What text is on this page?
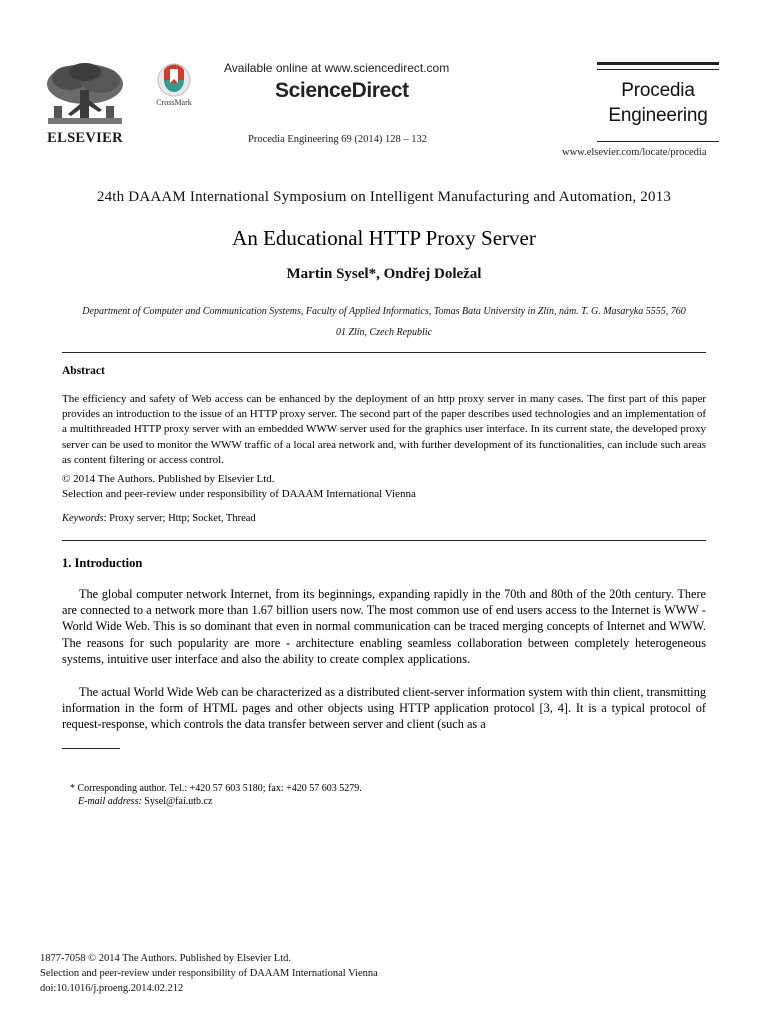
ELSEVIER
CrossMark
Available online at www.sciencedirect.com
ScienceDirect
Procedia Engineering 69 (2014) 128 – 132
Procedia
Engineering
www.elsevier.com/locate/procedia
24th DAAAM International Symposium on Intelligent Manufacturing and Automation, 2013
An Educational HTTP Proxy Server
Martin Sysel*, Ondřej Doležal
Department of Computer and Communication Systems, Faculty of Applied Informatics, Tomas Bata University in Zlín, nám. T. G. Masaryka 5555, 760 01 Zlín, Czech Republic
Abstract
The efficiency and safety of Web access can be enhanced by the deployment of an http proxy server in many cases. The first part of this paper provides an introduction to the issue of an HTTP proxy server. The second part of the paper describes used technologies and an implementation of a multithreaded HTTP proxy server with an embedded WWW server used for the graphics user interface. In its current state, the developed proxy server can be used to monitor the WWW traffic of a local area network and, with further development of its functionalities, can include such areas as content filtering or access control.
© 2014 The Authors. Published by Elsevier Ltd.
Selection and peer-review under responsibility of DAAAM International Vienna
Keywords: Proxy server; Http; Socket, Thread
1. Introduction
The global computer network Internet, from its beginnings, expanding rapidly in the 70th and 80th of the 20th century. There are connected to a network more than 1.67 billion users now. The most common use of end users access to the Internet is WWW - World Wide Web. This is so dominant that even in normal communication can be traced merging concepts of Internet and WWW. The reasons for such popularity are more - architecture enabling seamless collaboration between completely heterogeneous systems, intuitive user interface and also the ability to create complex applications.
The actual World Wide Web can be characterized as a distributed client-server information system with thin client, transmitting information in the form of HTML pages and other objects using HTTP application protocol [3, 4]. It is a typical protocol of request-response, which controls the data transfer between server and client (such as a
* Corresponding author. Tel.: +420 57 603 5180; fax: +420 57 603 5279.
E-mail address: Sysel@fai.utb.cz
1877-7058 © 2014 The Authors. Published by Elsevier Ltd.
Selection and peer-review under responsibility of DAAAM International Vienna
doi:10.1016/j.proeng.2014.02.212
